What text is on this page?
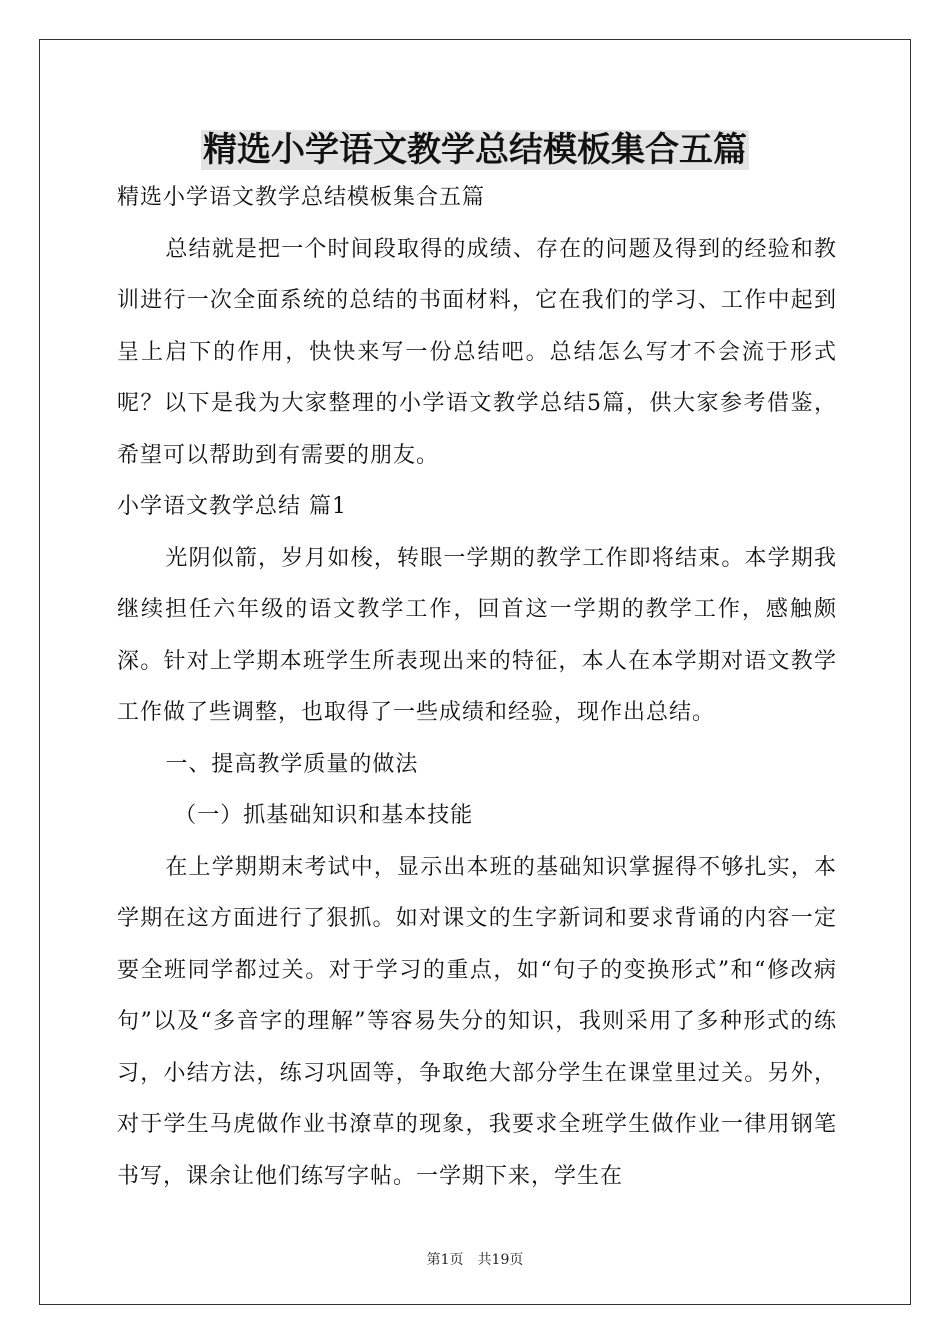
精选小学语文教学总结模板集合五篇

精选小学语文教学总结模板集合五篇

总结就是把一个时间段取得的成绩、存在的问题及得到的经验和教训进行一次全面系统的总结的书面材料，它在我们的学习、工作中起到呈上启下的作用，快快来写一份总结吧。总结怎么写才不会流于形式呢？以下是我为大家整理的小学语文教学总结5篇，供大家参考借鉴，希望可以帮助到有需要的朋友。

小学语文教学总结 篇1

光阴似箭，岁月如梭，转眼一学期的教学工作即将结束。本学期我继续担任六年级的语文教学工作，回首这一学期的教学工作，感触颇深。针对上学期本班学生所表现出来的特征，本人在本学期对语文教学工作做了些调整，也取得了一些成绩和经验，现作出总结。

一、提高教学质量的做法

（一）抓基础知识和基本技能

在上学期期末考试中，显示出本班的基础知识掌握得不够扎实，本学期在这方面进行了狠抓。如对课文的生字新词和要求背诵的内容一定要全班同学都过关。对于学习的重点，如“句子的变换形式”和“修改病句”以及“多音字的理解”等容易失分的知识，我则采用了多种形式的练习，小结方法，练习巩固等，争取绝大部分学生在课堂里过关。另外，对于学生马虎做作业书潦草的现象，我要求全班学生做作业一律用钢笔书写，课余让他们练写字帖。一学期下来，学生在

第1页 共19页
